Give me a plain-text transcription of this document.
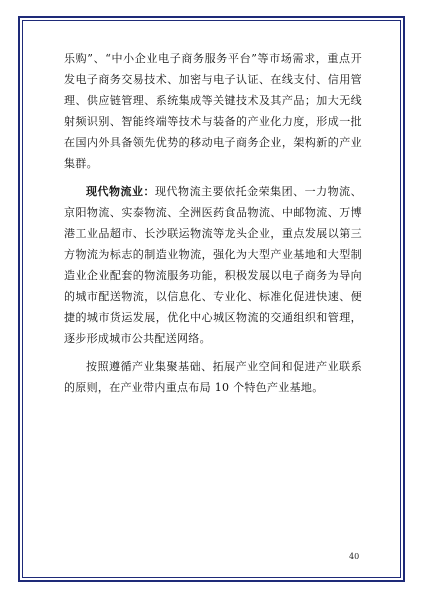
乐购”、“中小企业电子商务服务平台”等市场需求，重点开发电子商务交易技术、加密与电子认证、在线支付、信用管理、供应链管理、系统集成等关键技术及其产品；加大无线射频识别、智能终端等技术与装备的产业化力度，形成一批在国内外具备领先优势的移动电子商务企业，架构新的产业集群。

现代物流业：现代物流主要依托金荣集团、一力物流、京阳物流、实泰物流、全洲医药食品物流、中邮物流、万博港工业品超市、长沙联运物流等龙头企业，重点发展以第三方物流为标志的制造业物流，强化为大型产业基地和大型制造业企业配套的物流服务功能，积极发展以电子商务为导向的城市配送物流，以信息化、专业化、标准化促进快速、便捷的城市货运发展，优化中心城区物流的交通组织和管理，逐步形成城市公共配送网络。

按照遵循产业集聚基础、拓展产业空间和促进产业联系的原则，在产业带内重点布局 10 个特色产业基地。

40
